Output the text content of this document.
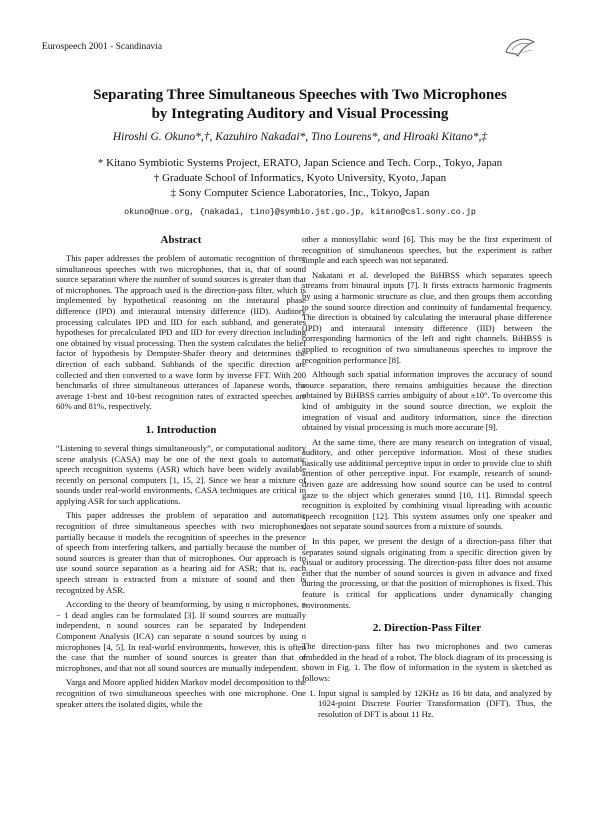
Eurospeech 2001 - Scandinavia
Separating Three Simultaneous Speeches with Two Microphones
by Integrating Auditory and Visual Processing
Hiroshi G. Okuno*,†, Kazuhiro Nakadai*, Tino Lourens*, and Hiroaki Kitano*,‡

* Kitano Symbiotic Systems Project, ERATO, Japan Science and Tech. Corp., Tokyo, Japan

† Graduate School of Informatics, Kyoto University, Kyoto, Japan

‡ Sony Computer Science Laboratories, Inc., Tokyo, Japan

okuno@nue.org, {nakadai, tino}@symbio.jst.go.jp, kitano@csl.sony.co.jp
Abstract

This paper addresses the problem of automatic recognition of three simultaneous speeches with two microphones, that is, that of sound source separation where the number of sound sources is greater than that of microphones. The approach used is the direction-pass filter, which is implemented by hypothetical reasoning on the interaural phase difference (IPD) and interaural intensity difference (IID). Auditory processing calculates IPD and IID for each subband, and generates hypotheses for precalculated IPD and IID for every direction including one obtained by visual processing. Then the system calculates the belief factor of hypothesis by Dempster-Shafer theory and determines the direction of each subband. Subbands of the specific direction are collected and then converted to a wave form by inverse FFT. With 200 benchmarks of three simultaneous utterances of Japanese words, the average 1-best and 10-best recognition rates of extracted speeches are 60% and 81%, respectively.

1. Introduction

“Listening to several things simultaneously”, or computational auditory scene analysis (CASA) may be one of the next goals to automatic speech recognition systems (ASR) which have been widely available recently on personal computers [1, 15, 2]. Since we hear a mixture of sounds under real-world environments, CASA techniques are critical in applying ASR for such applications.

This paper addresses the problem of separation and automatic recognition of three simultaneous speeches with two microphones, partially because it models the recognition of speeches in the presence of speech from interfering talkers, and partially because the number of sound sources is greater than that of microphones. Our approach is to use sound source separation as a hearing aid for ASR; that is, each speech stream is extracted from a mixture of sound and then is recognized by ASR.

According to the theory of beamforming, by using n microphones, n − 1 dead angles can be formulated [3]. If sound sources are mutually independent, n sound sources can be separated by Independent Component Analysis (ICA) can separate n sound sources by using n microphones [4, 5]. In real-world environments, however, this is often the case that the number of sound sources is greater than that of microphones, and that not all sound sources are mutually independent.

Varga and Moore applied hidden Markov model decomposition to the recognition of two simultaneous speeches with one microphone. One speaker utters the isolated digits, while the

other a monosyllabic word [6]. This may be the first experiment of recognition of simultaneous speeches, but the experiment is rather simple and each speech was not separated.

Nakatani et al. developed the BiHBSS which separates speech streams from binaural inputs [7]. It firsts extracts harmonic fragments by using a harmonic structure as clue, and then groups them according to the sound source direction and continuity of fundamental frequency. The direction is obtained by calculating the interaural phase difference (IPD) and interaural intensity difference (IID) between the corresponding harmonics of the left and right channels. BiHBSS is applied to recognition of two simultaneous speeches to improve the recognition performance [8].

Although such spatial information improves the accuracy of sound source separation, there remains ambiguities because the direction obtained by BiHBSS carries ambiguity of about ±10°. To overcome this kind of ambiguity in the sound source direction, we exploit the integration of visual and auditory information, since the direction obtained by visual processing is much more accurate [9].

At the same time, there are many research on integration of visual, auditory, and other perceptive information. Most of these studies basically use additional perceptive input in order to provide clue to shift attention of other perceptive input. For example, research of sound-driven gaze are addressing how sound source can be used to control gaze to the object which generates sound [10, 11]. Bimodal speech recognition is exploited by combining visual lipreading with acoustic speech recognition [12]. This system assumes only one speaker and does not separate sound sources from a mixture of sounds.

In this paper, we present the design of a direction-pass filter that separates sound signals originating from a specific direction given by visual or auditory processing. The direction-pass filter does not assume either that the number of sound sources is given in advance and fixed during the processing, or that the position of microphones is fixed. This feature is critical for applications under dynamically changing environments.

2. Direction-Pass Filter

The direction-pass filter has two microphones and two cameras embedded in the head of a robot. The block diagram of its processing is shown in Fig. 1. The flow of information in the system is sketched as follows:

1. Input signal is sampled by 12KHz as 16 bit data, and analyzed by 1024-point Discrete Fourier Transformation (DFT). Thus, the resolution of DFT is about 11 Hz.
